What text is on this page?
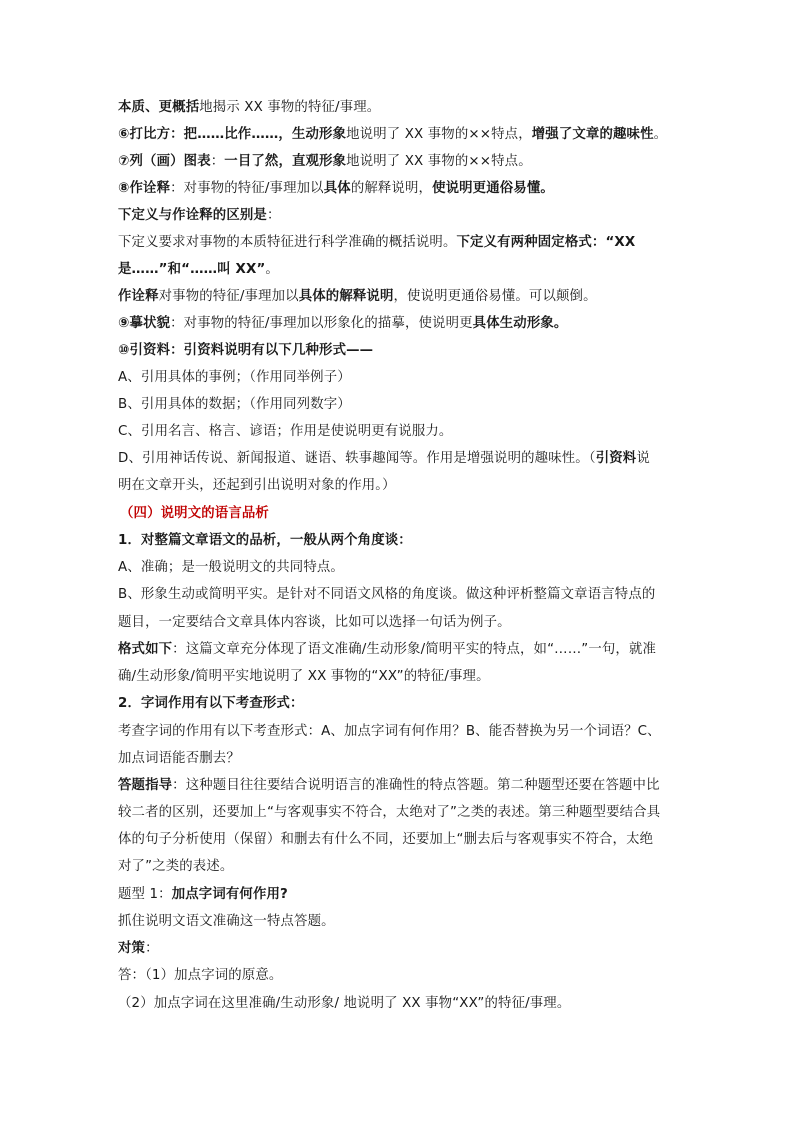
本质、更概括地揭示 XX 事物的特征/事理。
⑥打比方：把……比作……，生动形象地说明了 XX 事物的××特点，增强了文章的趣味性。
⑦列（画）图表：一目了然，直观形象地说明了 XX 事物的××特点。
⑧作诠释：对事物的特征/事理加以具体的解释说明，使说明更通俗易懂。
下定义与作诠释的区别是：
下定义要求对事物的本质特征进行科学准确的概括说明。下定义有两种固定格式：“XX
是……”和“……叫 XX”。
作诠释对事物的特征/事理加以具体的解释说明，使说明更通俗易懂。可以颠倒。
⑨摹状貌：对事物的特征/事理加以形象化的描摹，使说明更具体生动形象。
⑩引资料：引资料说明有以下几种形式——
A、引用具体的事例；（作用同举例子）
B、引用具体的数据；（作用同列数字）
C、引用名言、格言、谚语；作用是使说明更有说服力。
D、引用神话传说、新闻报道、谜语、轶事趣闻等。作用是增强说明的趣味性。（引资料说
明在文章开头，还起到引出说明对象的作用。）
（四）说明文的语言品析
1．对整篇文章语文的品析，一般从两个角度谈：
A、准确；是一般说明文的共同特点。
B、形象生动或简明平实。是针对不同语文风格的角度谈。做这种评析整篇文章语言特点的
题目，一定要结合文章具体内容谈，比如可以选择一句话为例子。
格式如下：这篇文章充分体现了语文准确/生动形象/简明平实的特点，如“……”一句，就准
确/生动形象/简明平实地说明了 XX 事物的“XX”的特征/事理。
2．字词作用有以下考查形式：
考查字词的作用有以下考查形式：A、加点字词有何作用？B、能否替换为另一个词语？C、
加点词语能否删去？
答题指导：这种题目往往要结合说明语言的准确性的特点答题。第二种题型还要在答题中比
较二者的区别，还要加上“与客观事实不符合，太绝对了”之类的表述。第三种题型要结合具
体的句子分析使用（保留）和删去有什么不同，还要加上“删去后与客观事实不符合，太绝
对了”之类的表述。
题型 1：加点字词有何作用?
抓住说明文语文准确这一特点答题。
对策：
答：（1）加点字词的原意。
（2）加点字词在这里准确/生动形象/ 地说明了 XX 事物“XX”的特征/事理。
